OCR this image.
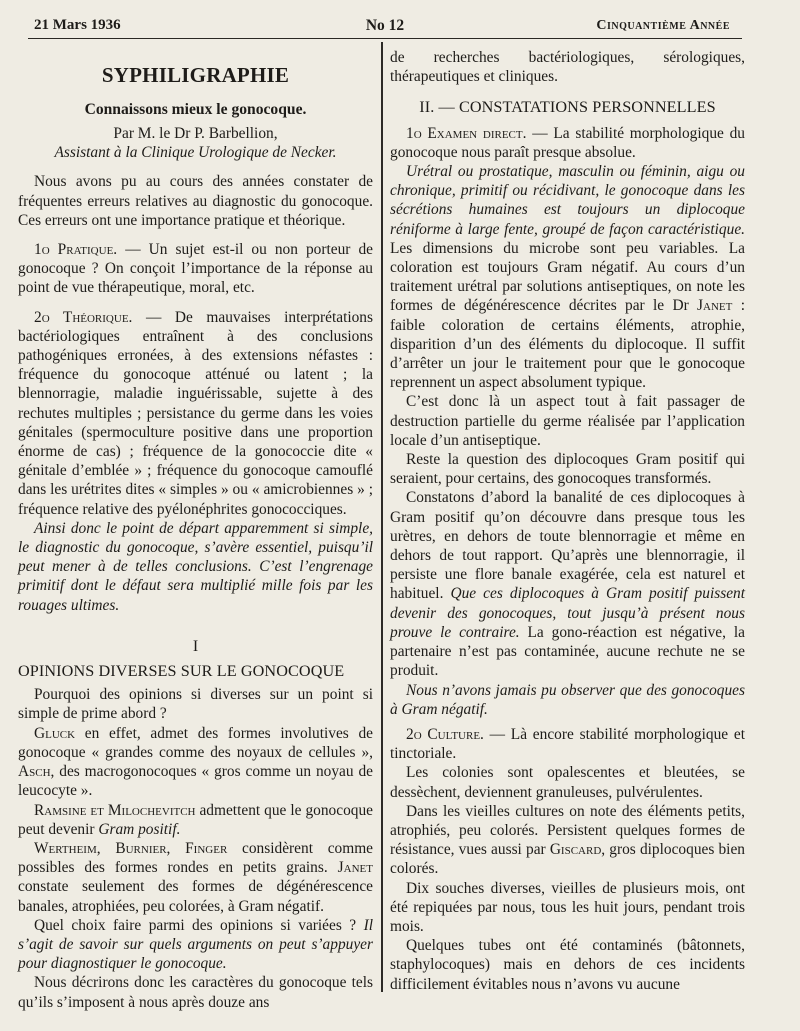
21 Mars 1936	No 12	Cinquantième Année

SYPHILIGRAPHIE

Connaissons mieux le gonocoque.

Par M. le Dr P. Barbellion,

Assistant à la Clinique Urologique de Necker.

Nous avons pu au cours des années constater de fréquentes erreurs relatives au diagnostic du gonocoque. Ces erreurs ont une importance pratique et théorique.

1o Pratique. — Un sujet est-il ou non porteur de gonocoque ? On conçoit l’importance de la réponse au point de vue thérapeutique, moral, etc.

2o Théorique. — De mauvaises interprétations bactériologiques entraînent à des conclusions pathogéniques erronées, à des extensions néfastes : fréquence du gonocoque atténué ou latent ; la blennorragie, maladie inguérissable, sujette à des rechutes multiples ; persistance du germe dans les voies génitales (spermoculture positive dans une proportion énorme de cas) ; fréquence de la gonococcie dite « génitale d’emblée » ; fréquence du gonocoque camouflé dans les urétrites dites « simples » ou « amicrobiennes » ; fréquence relative des pyélonéphrites gonococciques.

Ainsi donc le point de départ apparemment si simple, le diagnostic du gonocoque, s’avère essentiel, puisqu’il peut mener à de telles conclusions. C’est l’engrenage primitif dont le défaut sera multiplié mille fois par les rouages ultimes.

I

OPINIONS DIVERSES SUR LE GONOCOQUE

Pourquoi des opinions si diverses sur un point si simple de prime abord ?

Gluck en effet, admet des formes involutives de gonocoque « grandes comme des noyaux de cellules », Asch, des macrogonocoques « gros comme un noyau de leucocyte ».

Ramsine et Milochevitch admettent que le gonocoque peut devenir Gram positif.

Wertheim, Burnier, Finger considèrent comme possibles des formes rondes en petits grains. Janet constate seulement des formes de dégénérescence banales, atrophiées, peu colorées, à Gram négatif.

Quel choix faire parmi des opinions si variées ? Il s’agit de savoir sur quels arguments on peut s’appuyer pour diagnostiquer le gonocoque.

Nous décrirons donc les caractères du gonocoque tels qu’ils s’imposent à nous après douze ans

de recherches bactériologiques, sérologiques, thérapeutiques et cliniques.

II. — CONSTATATIONS PERSONNELLES

1o Examen direct. — La stabilité morphologique du gonocoque nous paraît presque absolue.

Urétral ou prostatique, masculin ou féminin, aigu ou chronique, primitif ou récidivant, le gonocoque dans les sécrétions humaines est toujours un diplocoque réniforme à large fente, groupé de façon caractéristique. Les dimensions du microbe sont peu variables. La coloration est toujours Gram négatif. Au cours d’un traitement urétral par solutions antiseptiques, on note les formes de dégénérescence décrites par le Dr Janet : faible coloration de certains éléments, atrophie, disparition d’un des éléments du diplocoque. Il suffit d’arrêter un jour le traitement pour que le gonocoque reprennent un aspect absolument typique.

C’est donc là un aspect tout à fait passager de destruction partielle du germe réalisée par l’application locale d’un antiseptique.

Reste la question des diplocoques Gram positif qui seraient, pour certains, des gonocoques transformés.

Constatons d’abord la banalité de ces diplocoques à Gram positif qu’on découvre dans presque tous les urètres, en dehors de toute blennorragie et même en dehors de tout rapport. Qu’après une blennorragie, il persiste une flore banale exagérée, cela est naturel et habituel. Que ces diplocoques à Gram positif puissent devenir des gonocoques, tout jusqu’à présent nous prouve le contraire. La gono-réaction est négative, la partenaire n’est pas contaminée, aucune rechute ne se produit.

Nous n’avons jamais pu observer que des gonocoques à Gram négatif.

2o Culture. — Là encore stabilité morphologique et tinctoriale.

Les colonies sont opalescentes et bleutées, se dessèchent, deviennent granuleuses, pulvérulentes.

Dans les vieilles cultures on note des éléments petits, atrophiés, peu colorés. Persistent quelques formes de résistance, vues aussi par Giscard, gros diplocoques bien colorés.

Dix souches diverses, vieilles de plusieurs mois, ont été repiquées par nous, tous les huit jours, pendant trois mois.

Quelques tubes ont été contaminés (bâtonnets, staphylocoques) mais en dehors de ces incidents difficilement évitables nous n’avons vu aucune
